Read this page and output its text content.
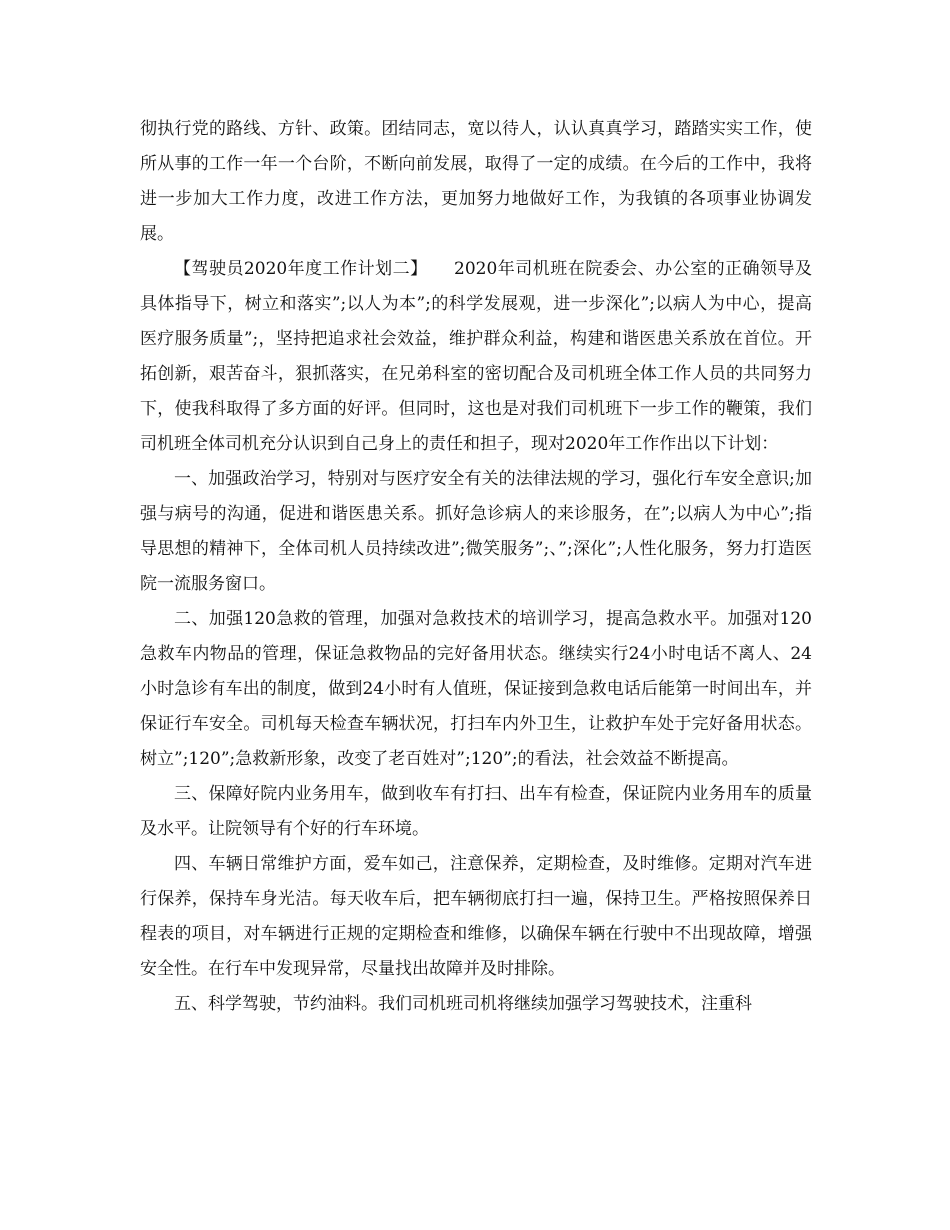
彻执行党的路线、方针、政策。团结同志，宽以待人，认认真真学习，踏踏实实工作，使所从事的工作一年一个台阶，不断向前发展，取得了一定的成绩。在今后的工作中，我将进一步加大工作力度，改进工作方法，更加努力地做好工作，为我镇的各项事业协调发展。

【驾驶员2020年度工作计划二】　　2020年司机班在院委会、办公室的正确领导及具体指导下，树立和落实”;以人为本”;的科学发展观，进一步深化”;以病人为中心，提高医疗服务质量”;，坚持把追求社会效益，维护群众利益，构建和谐医患关系放在首位。开拓创新，艰苦奋斗，狠抓落实，在兄弟科室的密切配合及司机班全体工作人员的共同努力下，使我科取得了多方面的好评。但同时，这也是对我们司机班下一步工作的鞭策，我们司机班全体司机充分认识到自己身上的责任和担子，现对2020年工作作出以下计划：

一、加强政治学习，特别对与医疗安全有关的法律法规的学习，强化行车安全意识;加强与病号的沟通，促进和谐医患关系。抓好急诊病人的来诊服务，在”;以病人为中心”;指导思想的精神下，全体司机人员持续改进”;微笑服务”;、”;深化”;人性化服务，努力打造医院一流服务窗口。

二、加强120急救的管理，加强对急救技术的培训学习，提高急救水平。加强对120急救车内物品的管理，保证急救物品的完好备用状态。继续实行24小时电话不离人、24小时急诊有车出的制度，做到24小时有人值班，保证接到急救电话后能第一时间出车，并保证行车安全。司机每天检查车辆状况，打扫车内外卫生，让救护车处于完好备用状态。树立”;120”;急救新形象，改变了老百姓对”;120”;的看法，社会效益不断提高。

三、保障好院内业务用车，做到收车有打扫、出车有检查，保证院内业务用车的质量及水平。让院领导有个好的行车环境。

四、车辆日常维护方面，爱车如己，注意保养，定期检查，及时维修。定期对汽车进行保养，保持车身光洁。每天收车后，把车辆彻底打扫一遍，保持卫生。严格按照保养日程表的项目，对车辆进行正规的定期检查和维修，以确保车辆在行驶中不出现故障，增强安全性。在行车中发现异常，尽量找出故障并及时排除。

五、科学驾驶，节约油料。我们司机班司机将继续加强学习驾驶技术，注重科
